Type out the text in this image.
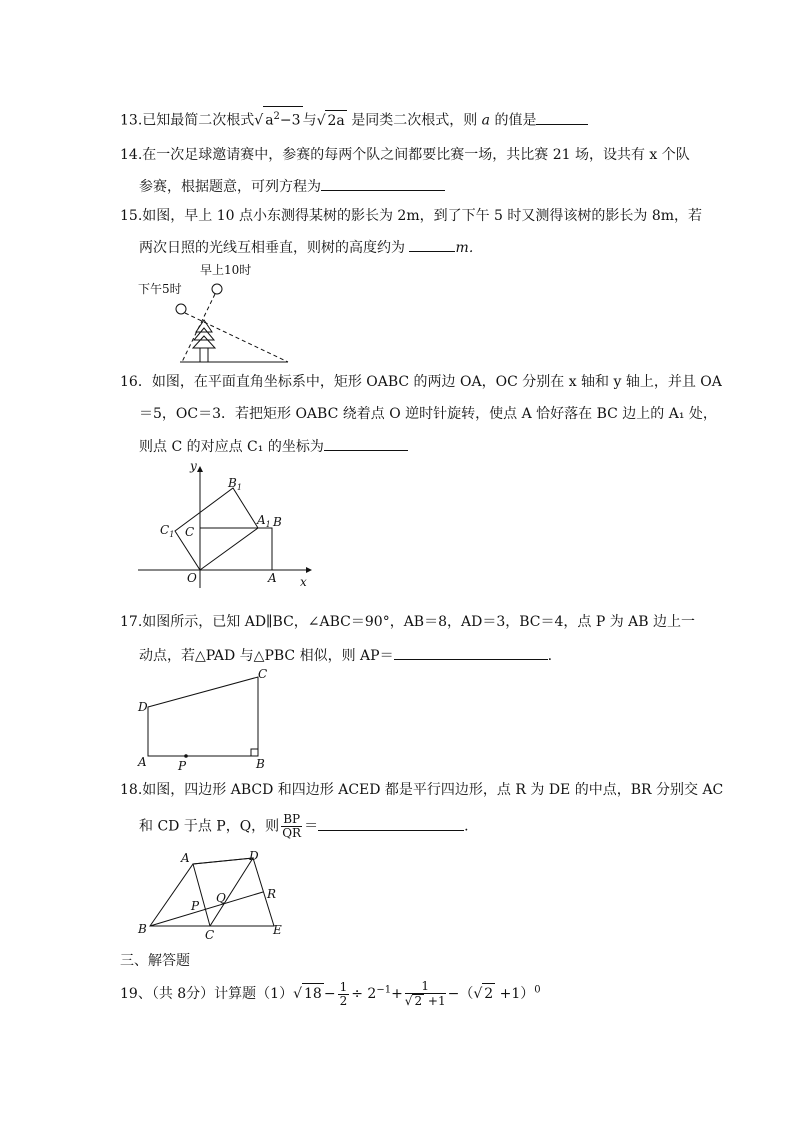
13.已知最简二次根式√ $a^2-3$ 与√ 2a 是同类二次根式，则 a 的值是
14.在一次足球邀请赛中，参赛的每两个队之间都要比赛一场，共比赛 21 场，设共有 x 个队
参赛，根据题意，可列方程为
15.如图，早上 10 点小东测得某树的影长为 2m，到了下午 5 时又测得该树的影长为 8m，若
两次日照的光线互相垂直，则树的高度约为	m．
早上10时
下午5时
16．如图，在平面直角坐标系中，矩形 OABC 的两边 OA，OC 分别在 x 轴和 y 轴上，并且 OA
＝5，OC＝3．若把矩形 OABC 绕着点 O 逆时针旋转，使点 A 恰好落在 BC 边上的 A₁ 处，
则点 C 的对应点 C₁ 的坐标为
y
x
O	A
C
B
$A_1$
$B_1$
$C_1$
17.如图所示，已知 AD∥BC，∠ABC＝90°，AB＝8，AD＝3，BC＝4，点 P 为 AB 边上一
动点，若△PAD 与△PBC 相似，则 AP＝	.
D
C
A	B
P
18.如图，四边形 ABCD 和四边形 ACED 都是平行四边形，点 R 为 DE 的中点，BR 分别交 AC
和 CD 于点 P，Q，则 $\frac{BP}{QR}$ ＝	.
A	D
B	C	E
R
Q
P
三、解答题
19、（共 8分）计算题（1）√ $18 - \frac{1}{2} \div 2^{-1}+ \frac{1}{√ 2 +1}$ −（√ 2 +1）$^0$
